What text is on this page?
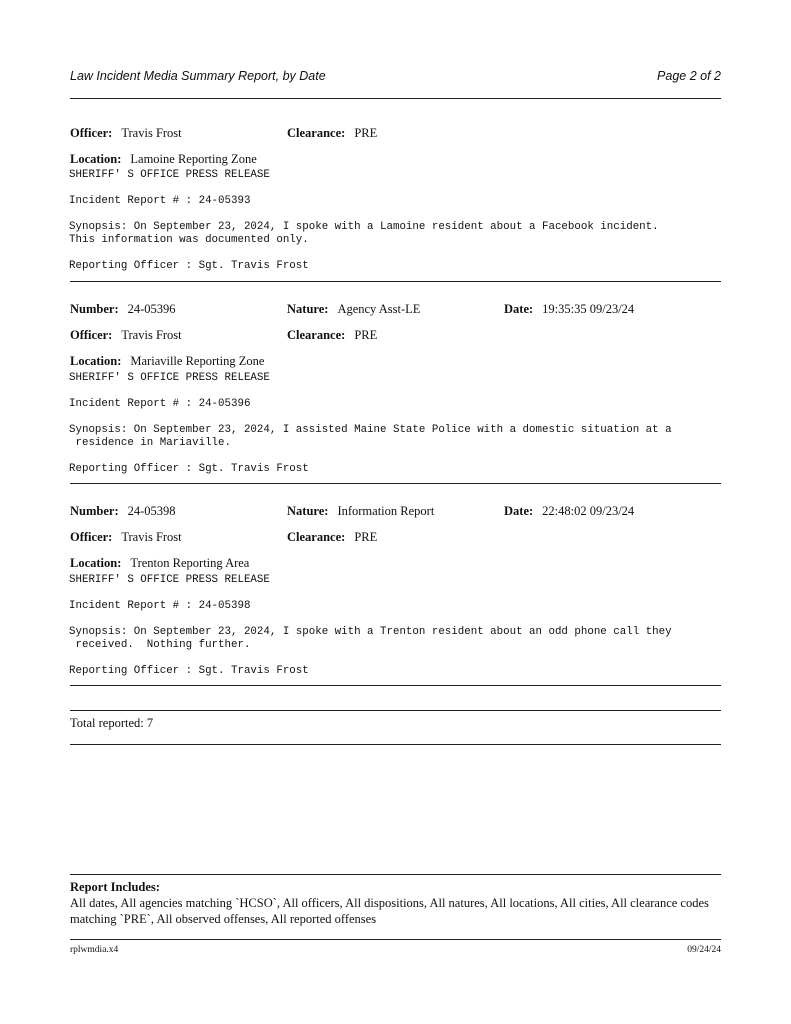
Law Incident Media Summary Report, by Date	Page 2 of 2
Officer: Travis Frost	Clearance: PRE
Location: Lamoine Reporting Zone
SHERIFF' S OFFICE PRESS RELEASE
Incident Report # : 24-05393
Synopsis: On September 23, 2024, I spoke with a Lamoine resident about a Facebook incident.
This information was documented only.
Reporting Officer : Sgt. Travis Frost
Number: 24-05396	Nature: Agency Asst-LE	Date: 19:35:35 09/23/24
Officer: Travis Frost	Clearance: PRE
Location: Mariaville Reporting Zone
SHERIFF' S OFFICE PRESS RELEASE
Incident Report # : 24-05396
Synopsis: On September 23, 2024, I assisted Maine State Police with a domestic situation at a
residence in Mariaville.
Reporting Officer : Sgt. Travis Frost
Number: 24-05398	Nature: Information Report	Date: 22:48:02 09/23/24
Officer: Travis Frost	Clearance: PRE
Location: Trenton Reporting Area
SHERIFF' S OFFICE PRESS RELEASE
Incident Report # : 24-05398
Synopsis: On September 23, 2024, I spoke with a Trenton resident about an odd phone call they
received.  Nothing further.
Reporting Officer : Sgt. Travis Frost
Total reported: 7
Report Includes:
All dates, All agencies matching `HCSO`, All officers, All dispositions, All natures, All locations, All cities, All clearance codes matching `PRE`, All observed offenses, All reported offenses
rplwmdia.x4	09/24/24
